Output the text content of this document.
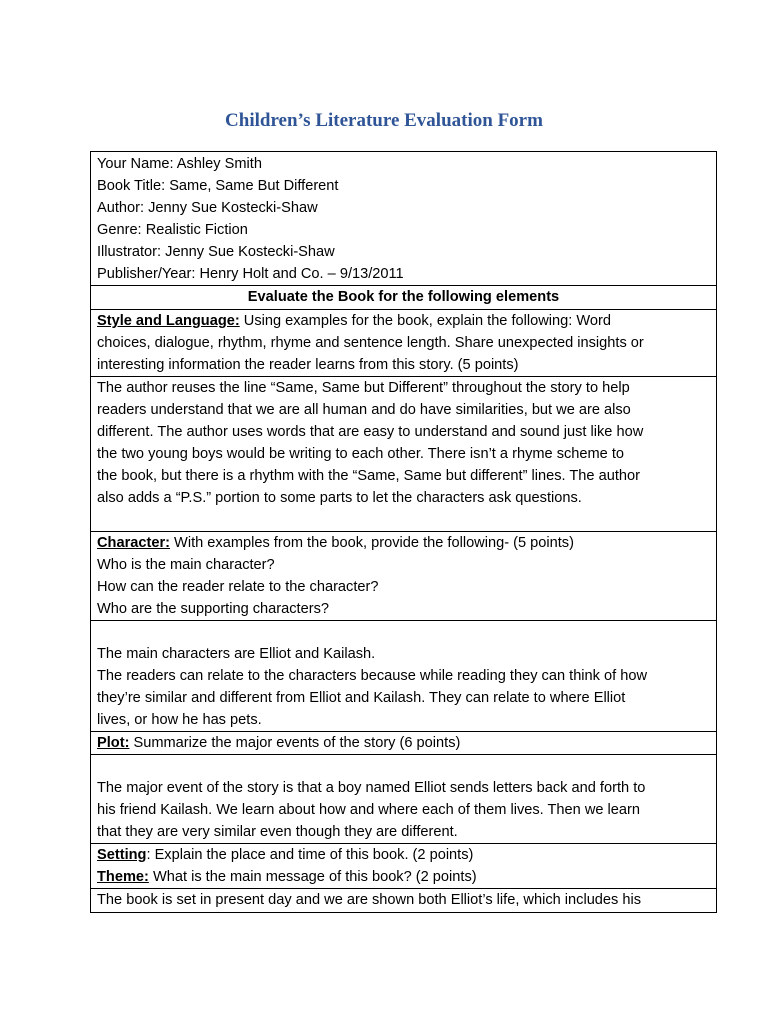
Children’s Literature Evaluation Form
Your Name: Ashley Smith
Book Title: Same, Same But Different
Author: Jenny Sue Kostecki-Shaw
Genre: Realistic Fiction
Illustrator: Jenny Sue Kostecki-Shaw
Publisher/Year: Henry Holt and Co. – 9/13/2011
Evaluate the Book for the following elements
Style and Language: Using examples for the book, explain the following: Word
choices, dialogue, rhythm, rhyme and sentence length. Share unexpected insights or
interesting information the reader learns from this story. (5 points)
The author reuses the line “Same, Same but Different” throughout the story to help
readers understand that we are all human and do have similarities, but we are also
different. The author uses words that are easy to understand and sound just like how
the two young boys would be writing to each other. There isn’t a rhyme scheme to
the book, but there is a rhythm with the “Same, Same but different” lines. The author
also adds a “P.S.” portion to some parts to let the characters ask questions.
Character: With examples from the book, provide the following- (5 points)
Who is the main character?
How can the reader relate to the character?
Who are the supporting characters?
The main characters are Elliot and Kailash.
The readers can relate to the characters because while reading they can think of how
they’re similar and different from Elliot and Kailash. They can relate to where Elliot
lives, or how he has pets.
Plot: Summarize the major events of the story (6 points)
The major event of the story is that a boy named Elliot sends letters back and forth to
his friend Kailash. We learn about how and where each of them lives. Then we learn
that they are very similar even though they are different.
Setting: Explain the place and time of this book. (2 points)
Theme: What is the main message of this book? (2 points)
The book is set in present day and we are shown both Elliot’s life, which includes his
